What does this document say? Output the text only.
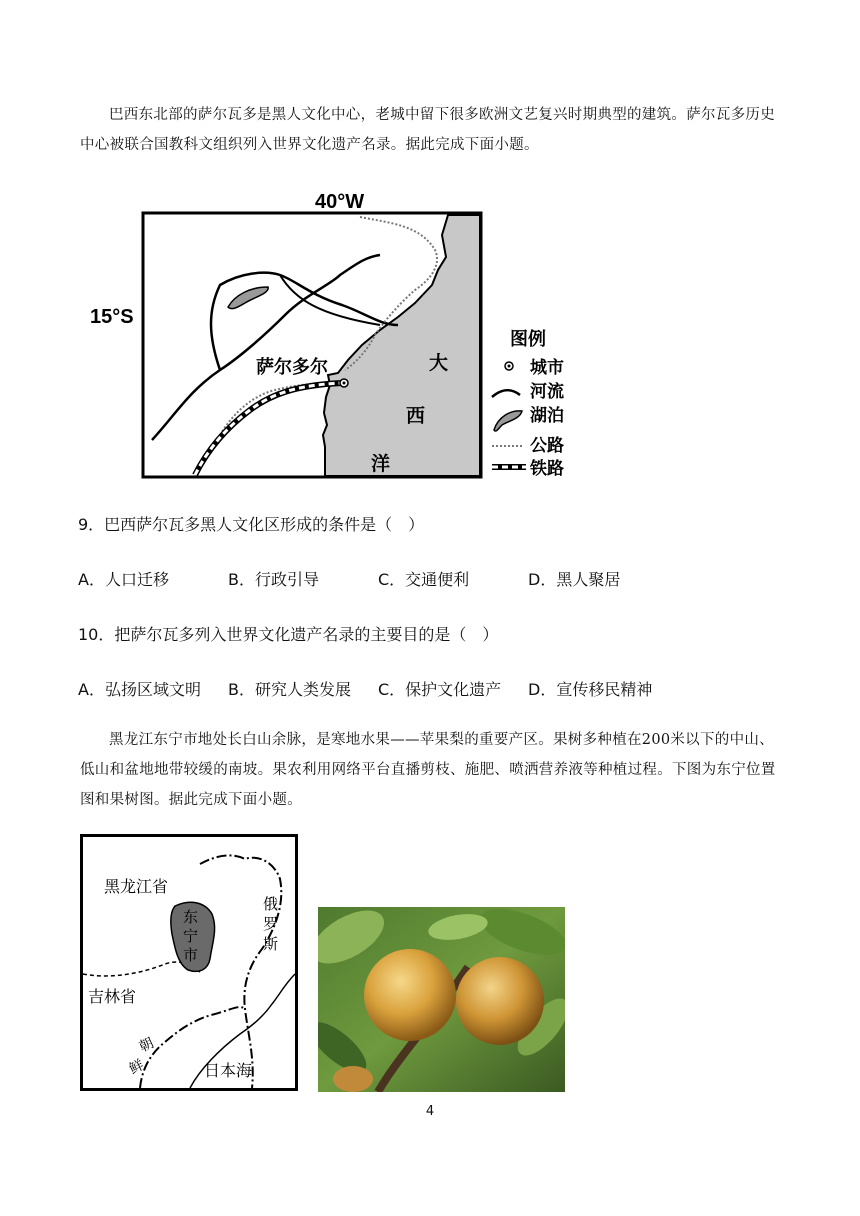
巴西东北部的萨尔瓦多是黑人文化中心，老城中留下很多欧洲文艺复兴时期典型的建筑。萨尔瓦多历史中心被联合国教科文组织列入世界文化遗产名录。据此完成下面小题。
40°W
15°S
萨尔多尔	大
西
洋
图例
城市
河流
湖泊
公路
铁路
9．巴西萨尔瓦多黑人文化区形成的条件是（　）
A．人口迁移	B．行政引导	C．交通便利	D．黑人聚居
10．把萨尔瓦多列入世界文化遗产名录的主要目的是（　）
A．弘扬区域文明 B．研究人类发展 C．保护文化遗产 D．宣传移民精神
黑龙江东宁市地处长白山余脉，是寒地水果——苹果梨的重要产区。果树多种植在200米以下的中山、低山和盆地地带较缓的南坡。果农利用网络平台直播剪枝、施肥、喷洒营养液等种植过程。下图为东宁位置图和果树图。据此完成下面小题。
黑龙江省
吉林省
东
宁
市
俄
罗
斯
朝
鲜	日本海
4
